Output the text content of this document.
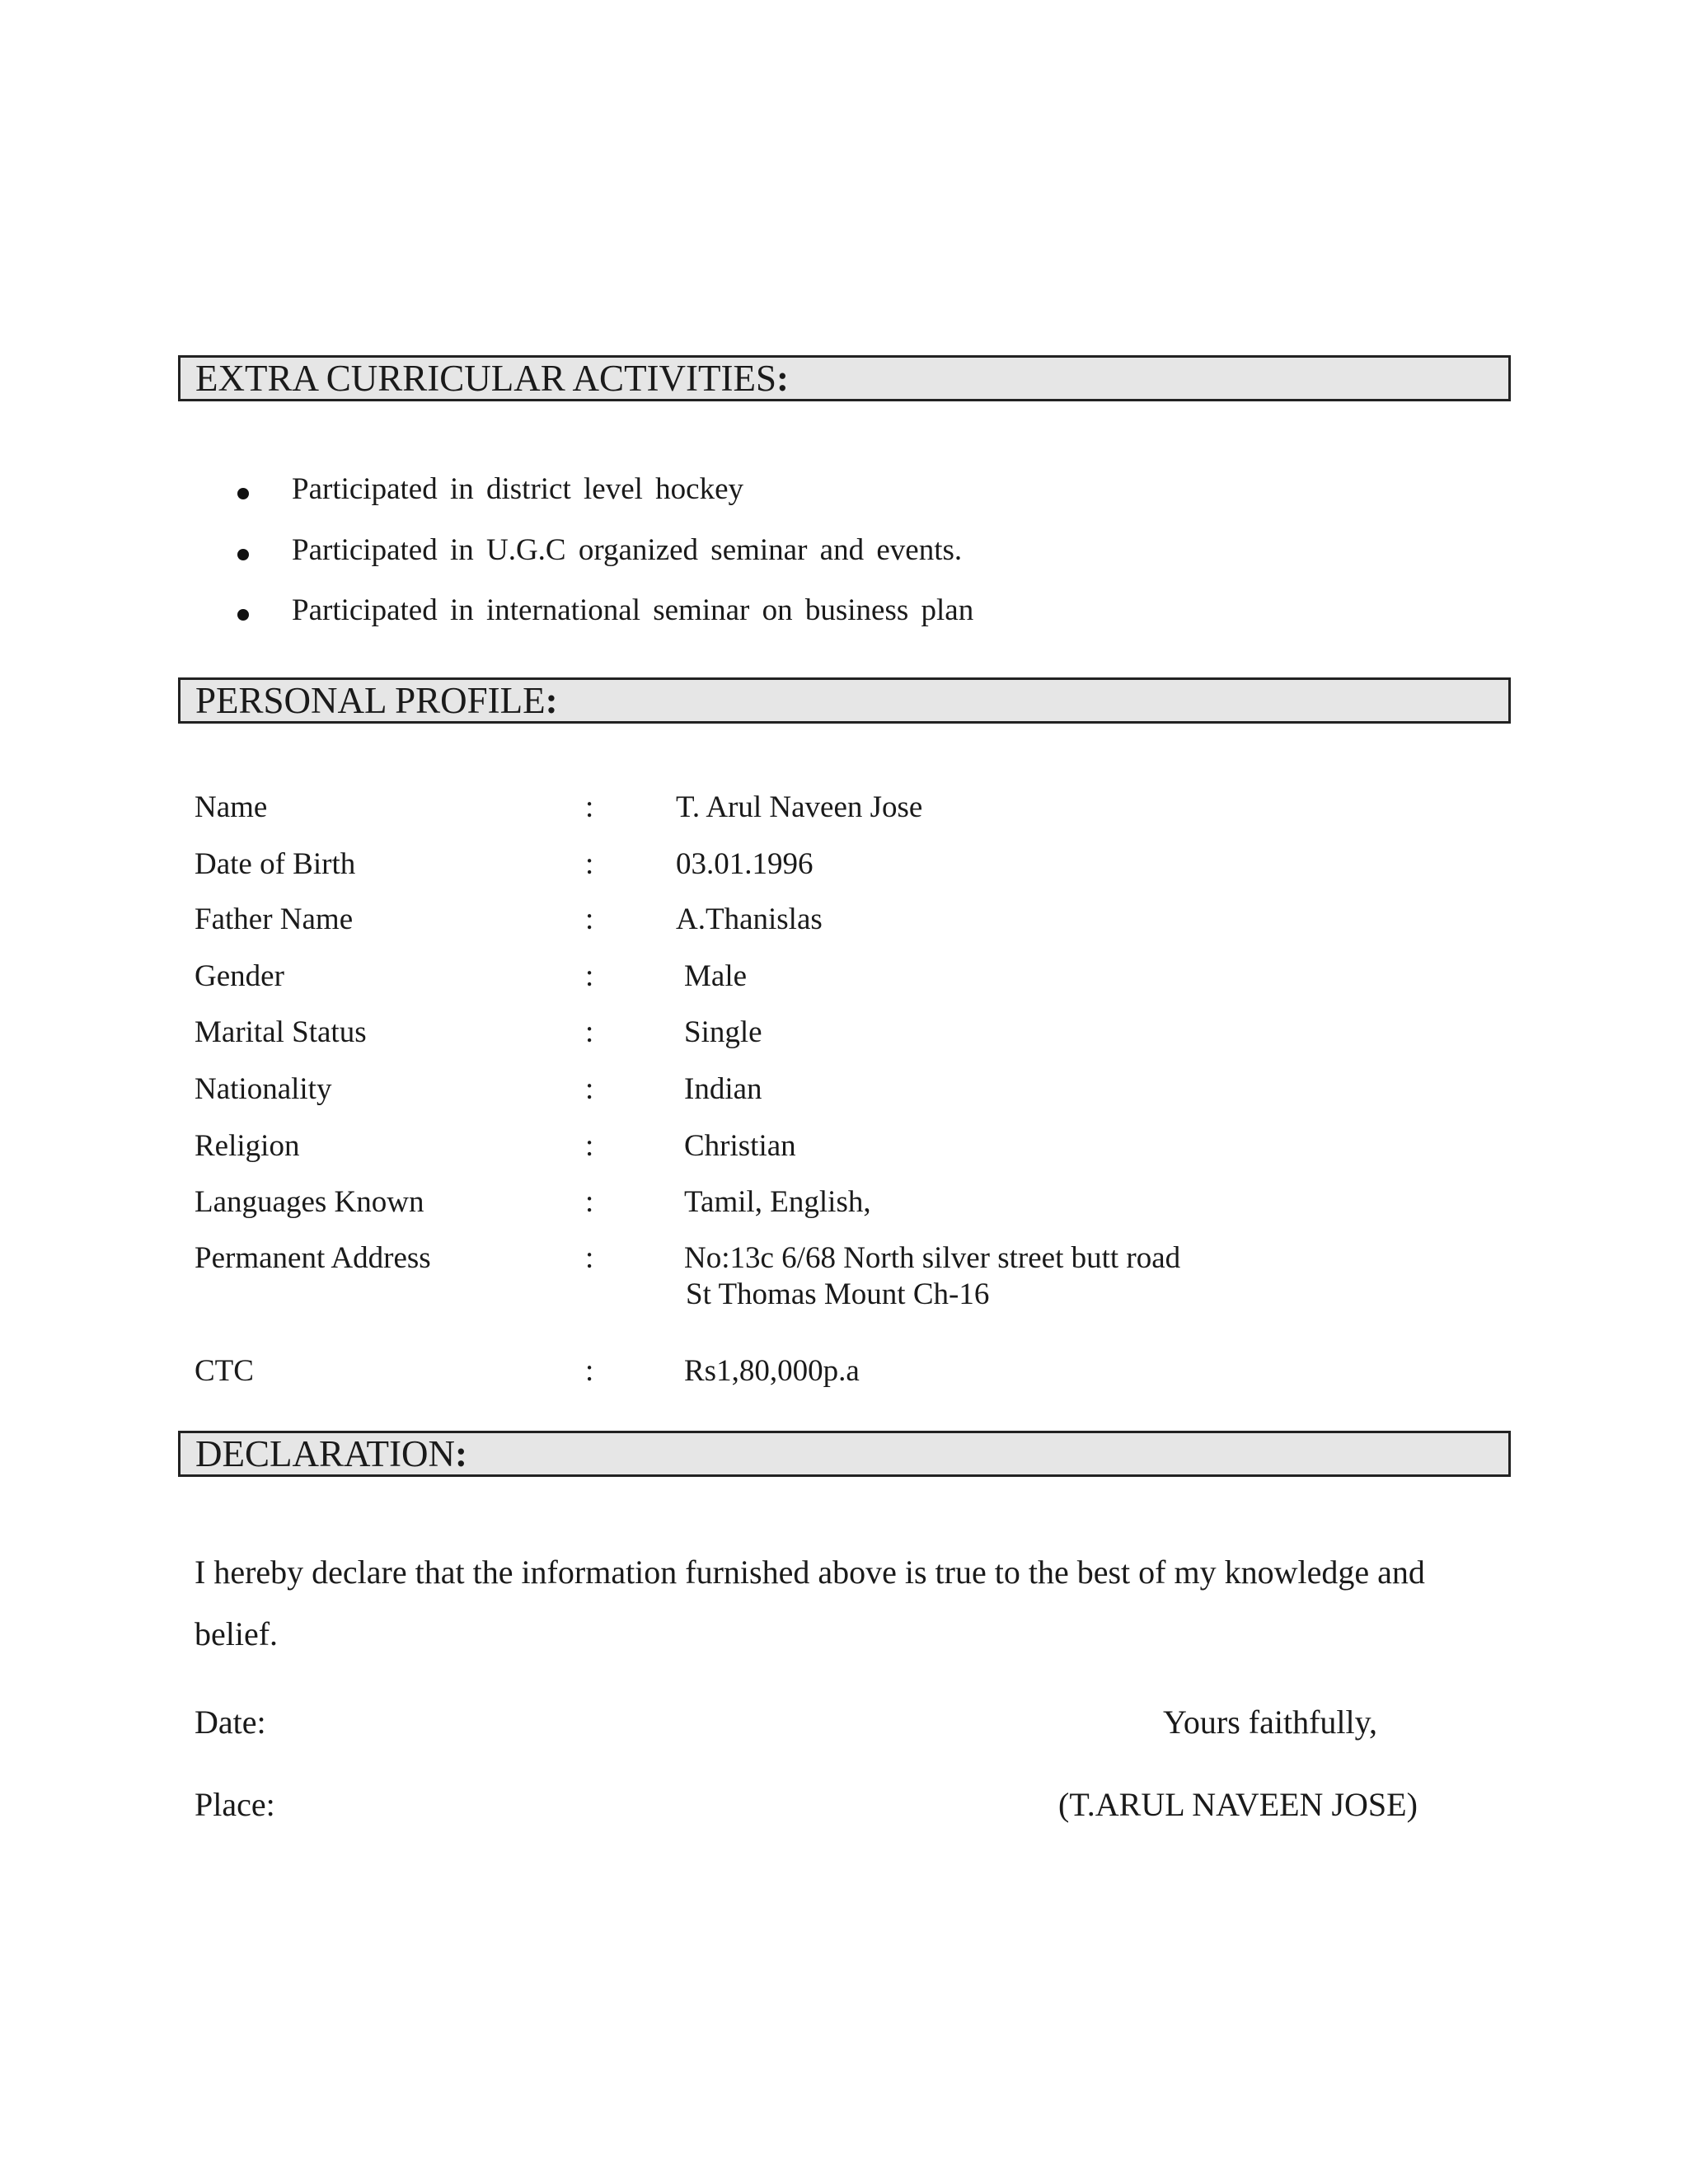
EXTRA CURRICULAR ACTIVITIES:
Participated in district level hockey
Participated in U.G.C organized seminar and events.
Participated in international seminar on business plan
PERSONAL PROFILE:
Name	:	T. Arul Naveen Jose
Date of Birth	:	03.01.1996
Father Name	:	A.Thanislas
Gender	:	Male
Marital Status	:	Single
Nationality	:	Indian
Religion	:	Christian
Languages Known	:	Tamil, English,
Permanent Address	:	No:13c 6/68 North silver street butt road
St Thomas Mount Ch-16
CTC	:	Rs1,80,000p.a
DECLARATION:

I hereby declare that the information furnished above is true to the best of my knowledge and belief.

Date:	Yours faithfully,
Place:	(T.ARUL NAVEEN JOSE)
